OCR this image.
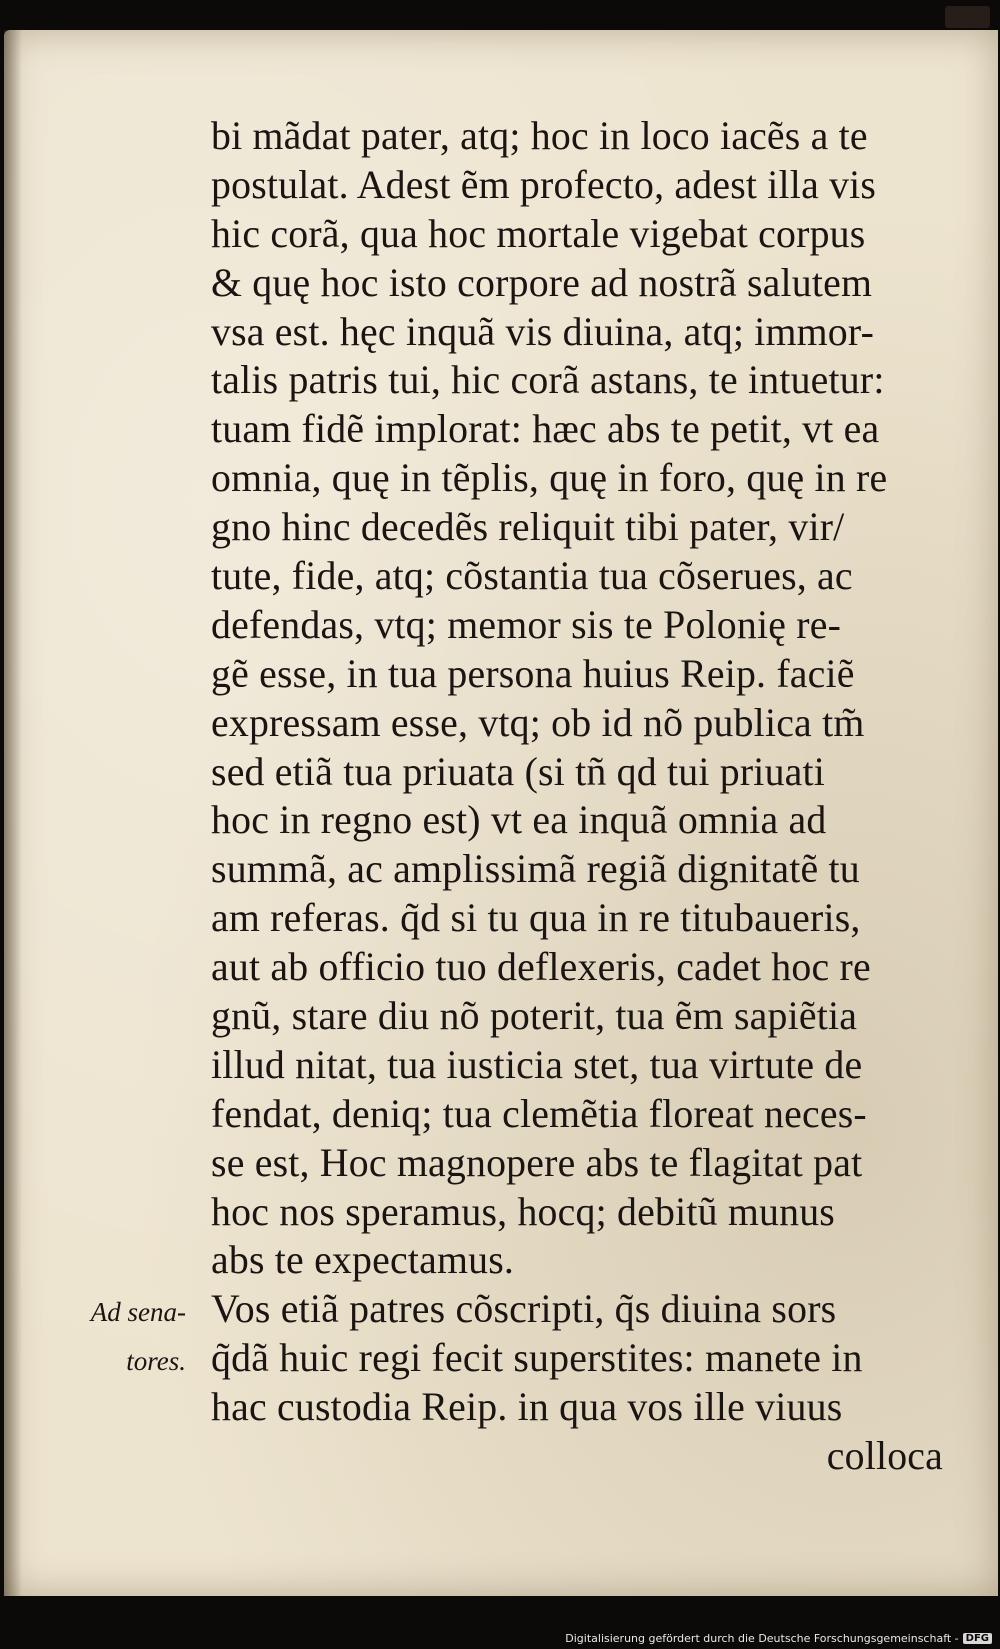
bi mãdat pater, atq; hoc in loco iacẽs a te
postulat. Adest ẽm profecto, adest illa vis
hic corã, qua hoc mortale vigebat corpus
& quę hoc isto corpore ad nostrã salutem
vsa est. hęc inquã vis diuina, atq; immor-
talis patris tui, hic corã astans, te intuetur:
tuam fidẽ implorat: hæc abs te petit, vt ea
omnia, quę in tẽplis, quę in foro, quę in re
gno hinc decedẽs reliquit tibi pater, vir/
tute, fide, atq; cõstantia tua cõserues, ac
defendas, vtq; memor sis te Polonię re-
gẽ esse, in tua persona huius Reip. faciẽ
expressam esse, vtq; ob id nõ publica tm̃
sed etiã tua priuata (si tñ qd tui priuati
hoc in regno est) vt ea inquã omnia ad
summã, ac amplissimã regiã dignitatẽ tu
am referas. q̃d si tu qua in re titubaueris,
aut ab officio tuo deflexeris, cadet hoc re
gnũ, stare diu nõ poterit, tua ẽm sapiẽtia
illud nitat, tua iusticia stet, tua virtute de
fendat, deniq; tua clemẽtia floreat neces-
se est, Hoc magnopere abs te flagitat pat
hoc nos speramus, hocq; debitũ munus
abs te expectamus.
Vos etiã patres cõscripti, q̃s diuina sors
q̃dã huic regi fecit superstites: manete in
hac custodia Reip. in qua vos ille viuus
colloca
Ad sena-
tores.
Digitalisierung gefördert durch die Deutsche Forschungsgemeinschaft - DFG
